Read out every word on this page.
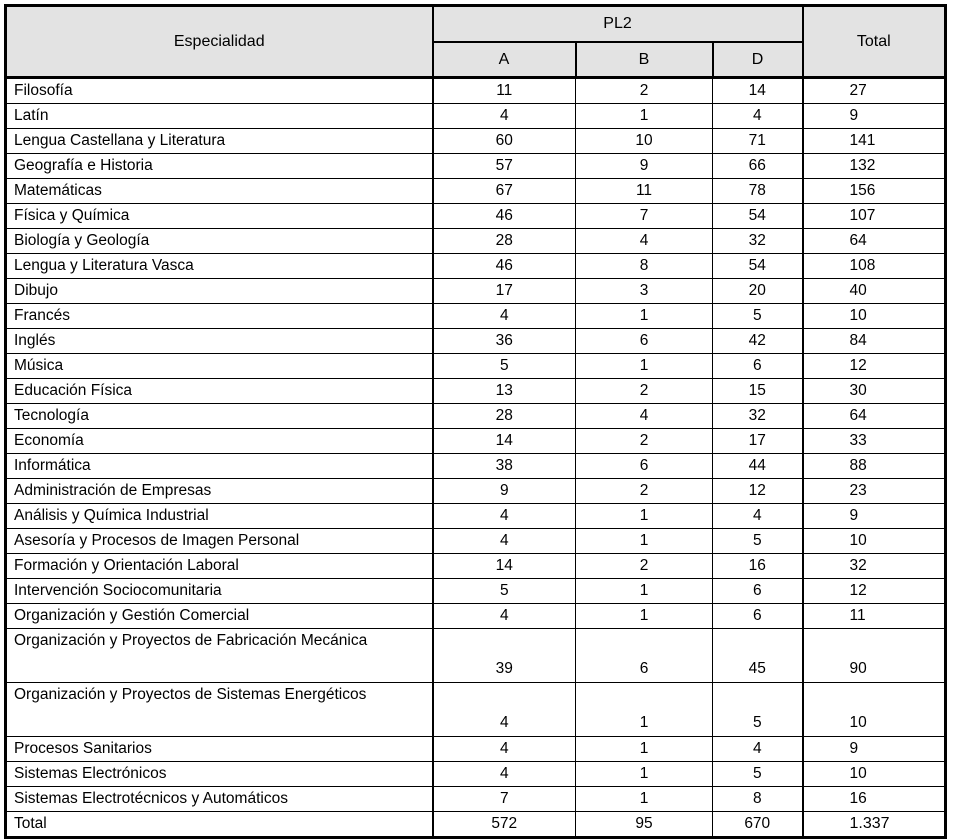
Especialidad	PL2			Total
	A	B	D	
Filosofía	11	2	14	27
Latín	4	1	4	9
Lengua Castellana y Literatura	60	10	71	141
Geografía e Historia	57	9	66	132
Matemáticas	67	11	78	156
Física y Química	46	7	54	107
Biología y Geología	28	4	32	64
Lengua y Literatura Vasca	46	8	54	108
Dibujo	17	3	20	40
Francés	4	1	5	10
Inglés	36	6	42	84
Música	5	1	6	12
Educación Física	13	2	15	30
Tecnología	28	4	32	64
Economía	14	2	17	33
Informática	38	6	44	88
Administración de Empresas	9	2	12	23
Análisis y Química Industrial	4	1	4	9
Asesoría y Procesos de Imagen Personal	4	1	5	10
Formación y Orientación Laboral	14	2	16	32
Intervención Sociocomunitaria	5	1	6	12
Organización y Gestión Comercial	4	1	6	11
Organización y Proyectos de Fabricación Mecánica	39	6	45	90
Organización y Proyectos de Sistemas Energéticos	4	1	5	10
Procesos Sanitarios	4	1	4	9
Sistemas Electrónicos	4	1	5	10
Sistemas Electrotécnicos y Automáticos	7	1	8	16
Total	572	95	670	1.337
